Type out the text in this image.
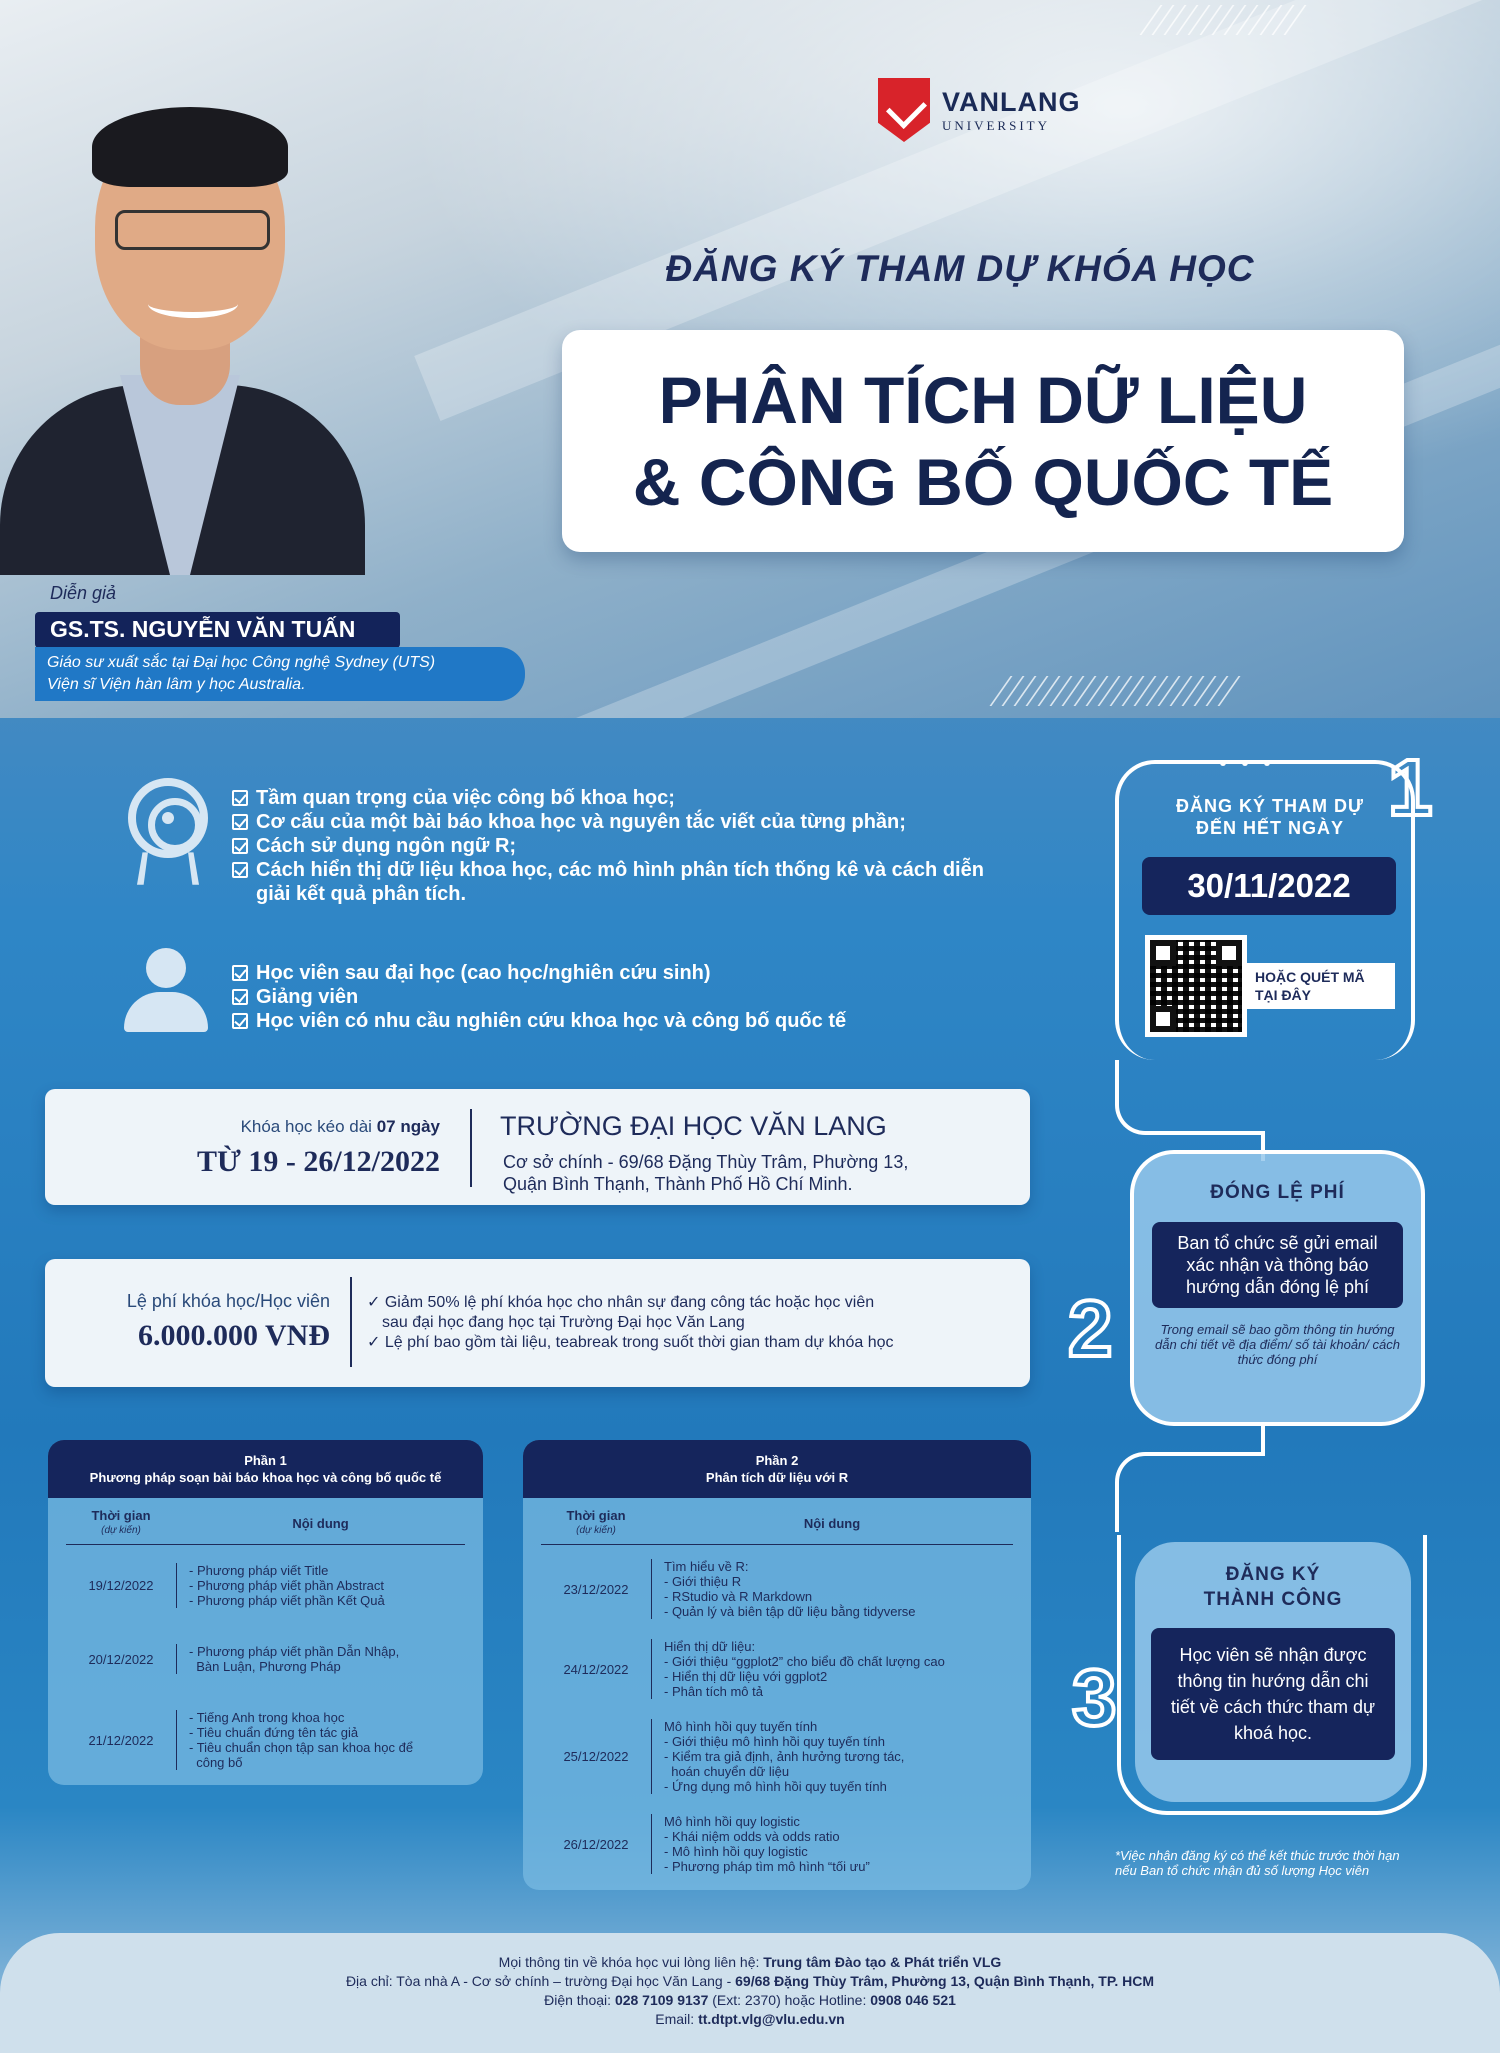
VANLANG
UNIVERSITY
ĐĂNG KÝ THAM DỰ KHÓA HỌC
PHÂN TÍCH DỮ LIỆU
& CÔNG BỐ QUỐC TẾ
Diễn giả
GS.TS. NGUYỄN VĂN TUẤN
Giáo sư xuất sắc tại Đại học Công nghệ Sydney (UTS)
Viện sĩ Viện hàn lâm y học Australia.
Tầm quan trọng của việc công bố khoa học;
Cơ cấu của một bài báo khoa học và nguyên tắc viết của từng phần;
Cách sử dụng ngôn ngữ R;
Cách hiển thị dữ liệu khoa học, các mô hình phân tích thống kê và cách diễn giải kết quả phân tích.
Học viên sau đại học (cao học/nghiên cứu sinh)
Giảng viên
Học viên có nhu cầu nghiên cứu khoa học và công bố quốc tế
Khóa học kéo dài 07 ngày
TỪ 19 - 26/12/2022
TRƯỜNG ĐẠI HỌC VĂN LANG
Cơ sở chính - 69/68 Đặng Thùy Trâm, Phường 13,
Quận Bình Thạnh, Thành Phố Hồ Chí Minh.
Lệ phí khóa học/Học viên
6.000.000 VNĐ
✓ Giảm 50% lệ phí khóa học cho nhân sự đang công tác hoặc học viên
sau đại học đang học tại Trường Đại học Văn Lang
✓ Lệ phí bao gồm tài liệu, teabreak trong suốt thời gian tham dự khóa học
Phần 1
Phương pháp soạn bài báo khoa học và công bố quốc tế
Thời gian
(dự kiến)	Nội dung
19/12/2022
- Phương pháp viết Title
- Phương pháp viết phần Abstract
- Phương pháp viết phần Kết Quả
20/12/2022	- Phương pháp viết phần Dẫn Nhập,
Bàn Luận, Phương Pháp
21/12/2022
- Tiếng Anh trong khoa học
- Tiêu chuẩn đứng tên tác giả
- Tiêu chuẩn chọn tập san khoa học để
công bố
Phần 2
Phân tích dữ liệu với R
Thời gian
(dự kiến)	Nội dung
23/12/2022
Tìm hiểu về R:
- Giới thiệu R
- RStudio và R Markdown
- Quản lý và biên tập dữ liệu bằng tidyverse
24/12/2022
Hiển thị dữ liệu:
- Giới thiệu “ggplot2” cho biểu đồ chất lượng cao
- Hiển thị dữ liệu với ggplot2
- Phân tích mô tả
25/12/2022
Mô hình hồi quy tuyến tính
- Giới thiệu mô hình hồi quy tuyến tính
- Kiểm tra giả định, ảnh hưởng tương tác,
hoán chuyển dữ liệu
- Ứng dụng mô hình hồi quy tuyến tính
26/12/2022
Mô hình hồi quy logistic
- Khái niệm odds và odds ratio
- Mô hình hồi quy logistic
- Phương pháp tìm mô hình “tối ưu”
1
ĐĂNG KÝ THAM DỰ
ĐẾN HẾT NGÀY
30/11/2022
HOẶC QUÉT MÃ
TẠI ĐÂY
ĐÓNG LỆ PHÍ
Ban tổ chức sẽ gửi email xác nhận và thông báo hướng dẫn đóng lệ phí
Trong email sẽ bao gồm thông tin hướng dẫn chi tiết về địa điểm/ số tài khoản/ cách thức đóng phí
2
ĐĂNG KÝ
THÀNH CÔNG
Học viên sẽ nhận được thông tin hướng dẫn chi tiết về cách thức tham dự khoá học.
3
*Việc nhận đăng ký có thể kết thúc trước thời hạn nếu Ban tổ chức nhận đủ số lượng Học viên
Mọi thông tin về khóa học vui lòng liên hệ: Trung tâm Đào tạo & Phát triển VLG
Địa chỉ: Tòa nhà A - Cơ sở chính – trường Đại học Văn Lang - 69/68 Đặng Thùy Trâm, Phường 13, Quận Bình Thạnh, TP. HCM
Điện thoại: 028 7109 9137 (Ext: 2370) hoặc Hotline: 0908 046 521
Email: tt.dtpt.vlg@vlu.edu.vn
